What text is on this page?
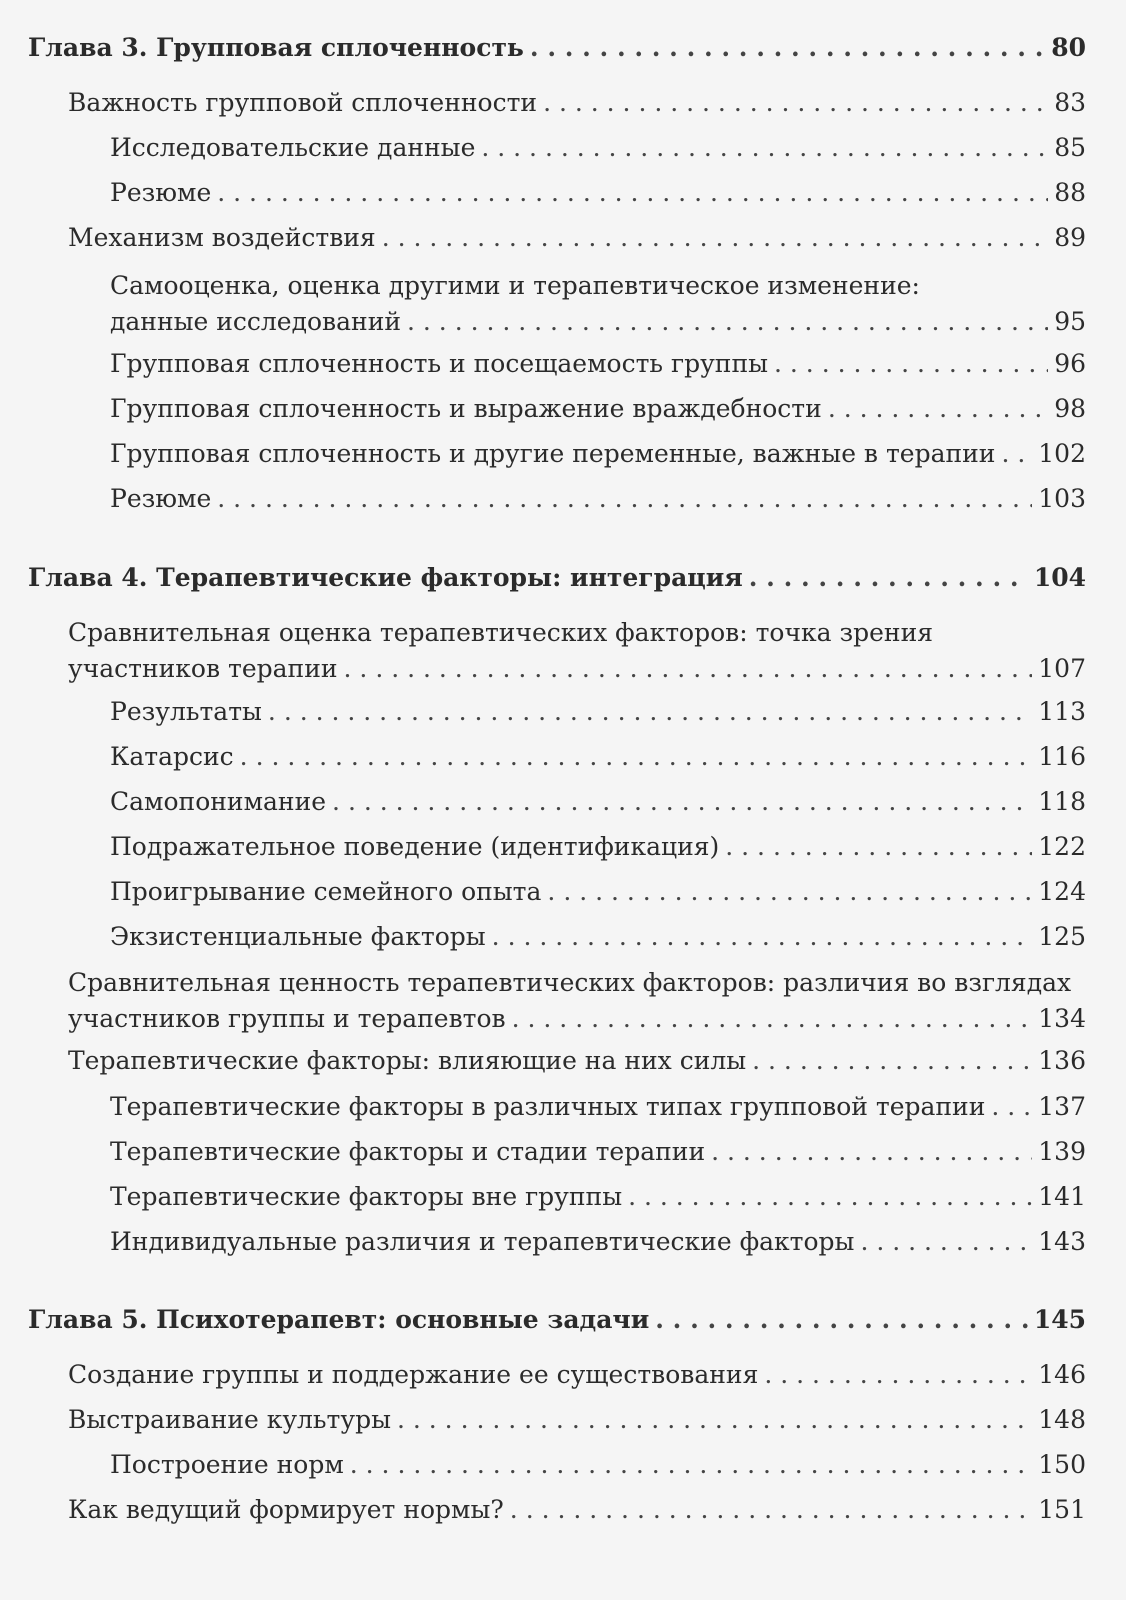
Глава 3. Групповая сплоченность . . .	80
Важность групповой сплоченности . . .	83
Исследовательские данные . . .	85
Резюме . . .	88
Механизм воздействия . . .	89
Самооценка, оценка другими и терапевтическое изменение:
данные исследований . . .	95
Групповая сплоченность и посещаемость группы . . .	96
Групповая сплоченность и выражение враждебности . . .	98
Групповая сплоченность и другие переменные, важные в терапии . . . 102
Резюме . . .	103
Глава 4. Терапевтические факторы: интеграция . . .	104
Сравнительная оценка терапевтических факторов: точка зрения
участников терапии . . .	107
Результаты . . .	113
Катарсис . . .	116
Самопонимание . . .	118
Подражательное поведение (идентификация) . . .	122
Проигрывание семейного опыта . . .	124
Экзистенциальные факторы . . .	125
Сравнительная ценность терапевтических факторов: различия во взглядах
участников группы и терапевтов . . .	134
Терапевтические факторы: влияющие на них силы . . .	136
Терапевтические факторы в различных типах групповой терапии . . . 137
Терапевтические факторы и стадии терапии . . .	139
Терапевтические факторы вне группы . . .	141
Индивидуальные различия и терапевтические факторы . . .	143
Глава 5. Психотерапевт: основные задачи . . .	145
Создание группы и поддержание ее существования . . .	146
Выстраивание культуры . . .	148
Построение норм . . .	150
Как ведущий формирует нормы? . . .	151
